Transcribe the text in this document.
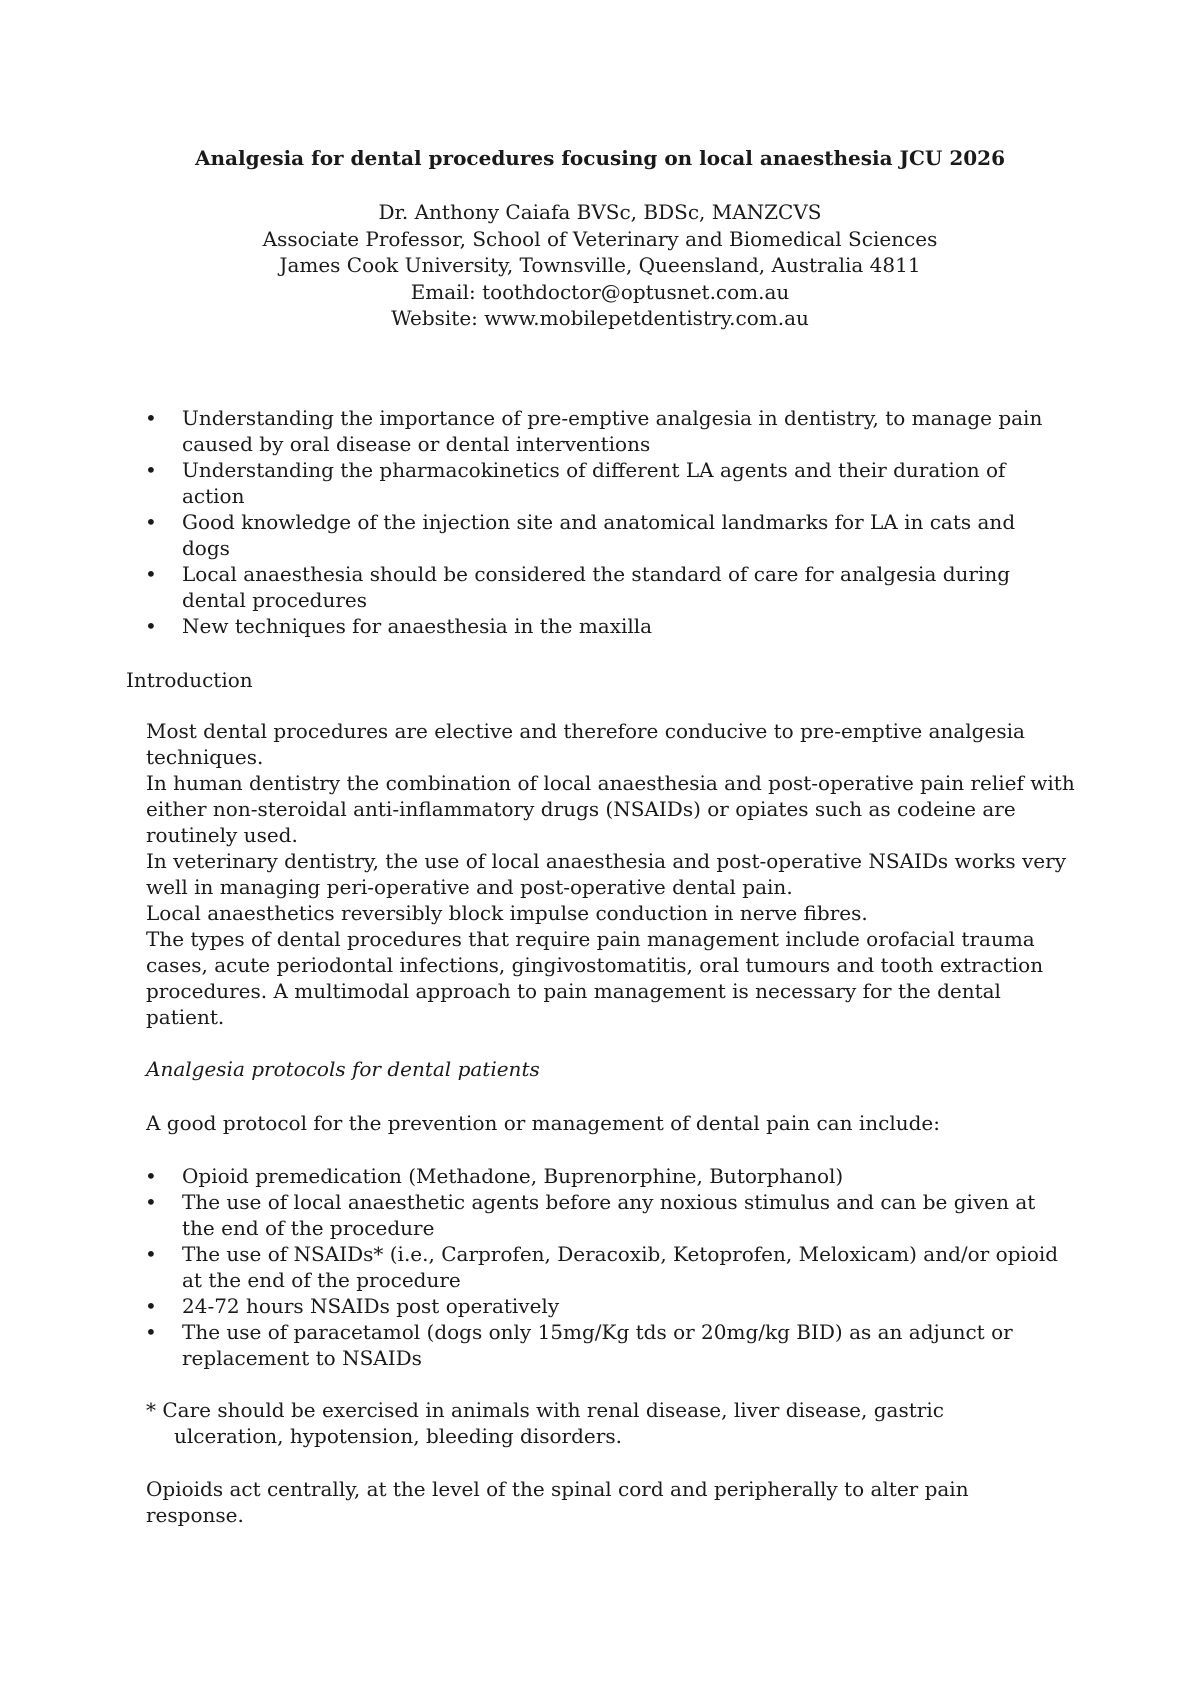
Analgesia for dental procedures focusing on local anaesthesia JCU 2026
Dr. Anthony Caiafa BVSc, BDSc, MANZCVS
Associate Professor, School of Veterinary and Biomedical Sciences
James Cook University, Townsville, Queensland, Australia 4811
Email: toothdoctor@optusnet.com.au
Website: www.mobilepetdentistry.com.au
• Understanding the importance of pre-emptive analgesia in dentistry, to manage pain caused by oral disease or dental interventions
• Understanding the pharmacokinetics of different LA agents and their duration of action
• Good knowledge of the injection site and anatomical landmarks for LA in cats and dogs
• Local anaesthesia should be considered the standard of care for analgesia during dental procedures
• New techniques for anaesthesia in the maxilla
Introduction

Most dental procedures are elective and therefore conducive to pre-emptive analgesia techniques.

In human dentistry the combination of local anaesthesia and post-operative pain relief with either non-steroidal anti-inflammatory drugs (NSAIDs) or opiates such as codeine are routinely used.

In veterinary dentistry, the use of local anaesthesia and post-operative NSAIDs works very well in managing peri-operative and post-operative dental pain.

Local anaesthetics reversibly block impulse conduction in nerve fibres.

The types of dental procedures that require pain management include orofacial trauma cases, acute periodontal infections, gingivostomatitis, oral tumours and tooth extraction procedures. A multimodal approach to pain management is necessary for the dental patient.

Analgesia protocols for dental patients

A good protocol for the prevention or management of dental pain can include:

• Opioid premedication (Methadone, Buprenorphine, Butorphanol)
• The use of local anaesthetic agents before any noxious stimulus and can be given at the end of the procedure
• The use of NSAIDs* (i.e., Carprofen, Deracoxib, Ketoprofen, Meloxicam) and/or opioid at the end of the procedure
• 24-72 hours NSAIDs post operatively
• The use of paracetamol (dogs only 15mg/Kg tds or 20mg/kg BID) as an adjunct or replacement to NSAIDs

* Care should be exercised in animals with renal disease, liver disease, gastric
ulceration, hypotension, bleeding disorders.

Opioids act centrally, at the level of the spinal cord and peripherally to alter pain response.
